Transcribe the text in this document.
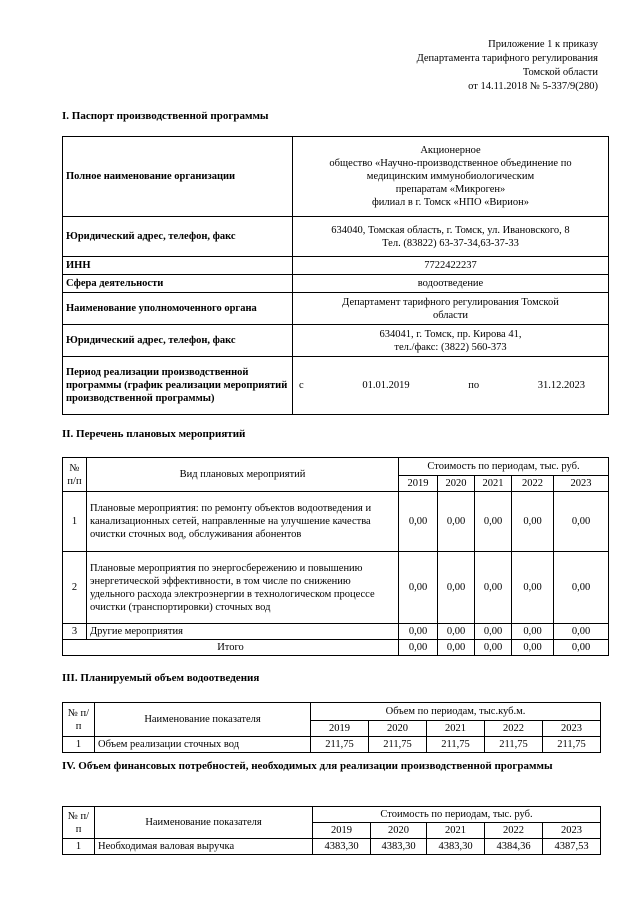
Приложение 1 к приказу
Департамента тарифного регулирования
Томской области
от 14.11.2018 № 5-337/9(280)
I. Паспорт производственной программы
Полное наименование организации	Акционерное
общество «Научно-производственное объединение по
медицинским иммунобиологическим
препаратам «Микроген»
филиал в г. Томск «НПО «Вирион»

Юридический адрес, телефон, факс	634040, Томская область, г. Томск, ул. Ивановского, 8
Тел. (83822) 63-37-34,63-37-33

ИНН	7722422237
Сфера деятельности	водоотведение
Наименование уполномоченного органа	Департамент тарифного регулирования Томской
области

Юридический адрес, телефон, факс	634041, г. Томск, пр. Кирова 41,
тел./факс: (3822) 560-373

Период реализации производственной программы (график реализации мероприятий производственной программы)	с 01.01.2019 по 31.12.2023
II. Перечень плановых мероприятий
№ п/п	Вид плановых мероприятий	Стоимость по периодам, тыс. руб.				
		2019	2020	2021	2022	2023
1	Плановые мероприятия: по ремонту объектов водоотведения и канализационных сетей, направленные на улучшение качества очистки сточных вод, обслуживания абонентов	0,00	0,00	0,00	0,00	0,00
2	Плановые мероприятия по энергосбережению и повышению энергетической эффективности, в том числе по снижению удельного расхода электроэнергии в технологическом процессе очистки (транспортировки) сточных вод	0,00	0,00	0,00	0,00	0,00
3	Другие мероприятия	0,00	0,00	0,00	0,00	0,00
Итого		0,00	0,00	0,00	0,00	0,00
III. Планируемый объем водоотведения
№ п/п	Наименование показателя	Объем по периодам, тыс.куб.м.				
		2019	2020	2021	2022	2023
1	Объем реализации сточных вод	211,75	211,75	211,75	211,75	211,75
IV. Объем финансовых потребностей, необходимых для реализации производственной программы
№ п/п	Наименование показателя	Стоимость по периодам, тыс. руб.				
		2019	2020	2021	2022	2023
1	Необходимая валовая выручка	4383,30	4383,30	4383,30	4384,36	4387,53
